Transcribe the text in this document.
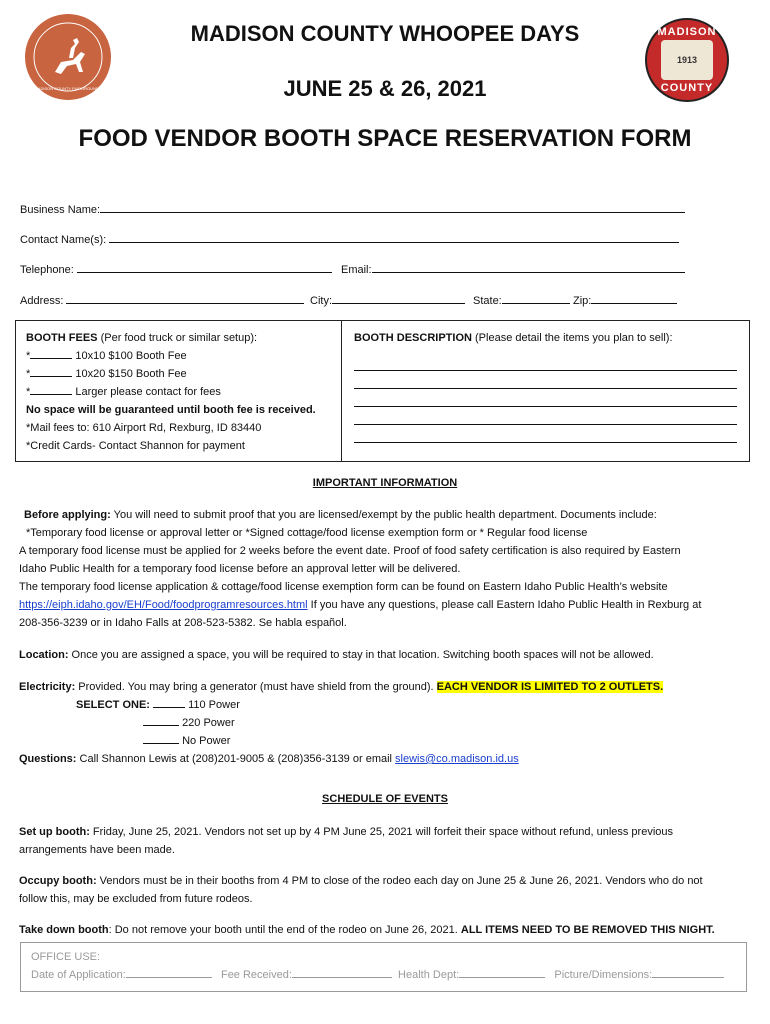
MADISON COUNTY FAIRGROUNDS
MADISON
1913
COUNTY
MADISON COUNTY WHOOPEE DAYS
JUNE 25 & 26, 2021
FOOD VENDOR BOOTH SPACE RESERVATION FORM
Business Name:
Contact Name(s):
Telephone:	Email:
Address:	City:	State:	Zip:
BOOTH FEES (Per food truck or similar setup):
*	10x10 $100 Booth Fee
*	10x20 $150 Booth Fee
*	Larger please contact for fees
No space will be guaranteed until booth fee is received.
*Mail fees to: 610 Airport Rd, Rexburg, ID 83440
*Credit Cards- Contact Shannon for payment
BOOTH DESCRIPTION (Please detail the items you plan to sell):
IMPORTANT INFORMATION
Before applying: You will need to submit proof that you are licensed/exempt by the public health department. Documents include:
*Temporary food license or approval letter or *Signed cottage/food license exemption form or * Regular food license
A temporary food license must be applied for 2 weeks before the event date. Proof of food safety certification is also required by Eastern
Idaho Public Health for a temporary food license before an approval letter will be delivered.
The temporary food license application & cottage/food license exemption form can be found on Eastern Idaho Public Health’s website
https://eiph.idaho.gov/EH/Food/foodprogramresources.html If you have any questions, please call Eastern Idaho Public Health in Rexburg at
208-356-3239 or in Idaho Falls at 208-523-5382. Se habla español.
Location: Once you are assigned a space, you will be required to stay in that location. Switching booth spaces will not be allowed.
Electricity: Provided. You may bring a generator (must have shield from the ground). EACH VENDOR IS LIMITED TO 2 OUTLETS.
SELECT ONE:	110 Power
220 Power
No Power
Questions: Call Shannon Lewis at (208)201-9005 & (208)356-3139 or email slewis@co.madison.id.us
SCHEDULE OF EVENTS
Set up booth: Friday, June 25, 2021. Vendors not set up by 4 PM June 25, 2021 will forfeit their space without refund, unless previous
arrangements have been made.
Occupy booth: Vendors must be in their booths from 4 PM to close of the rodeo each day on June 25 & June 26, 2021. Vendors who do not
follow this, may be excluded from future rodeos.
Take down booth: Do not remove your booth until the end of the rodeo on June 26, 2021. ALL ITEMS NEED TO BE REMOVED THIS NIGHT.
OFFICE USE:
Date of Application:	Fee Received:	Health Dept:	Picture/Dimensions:
